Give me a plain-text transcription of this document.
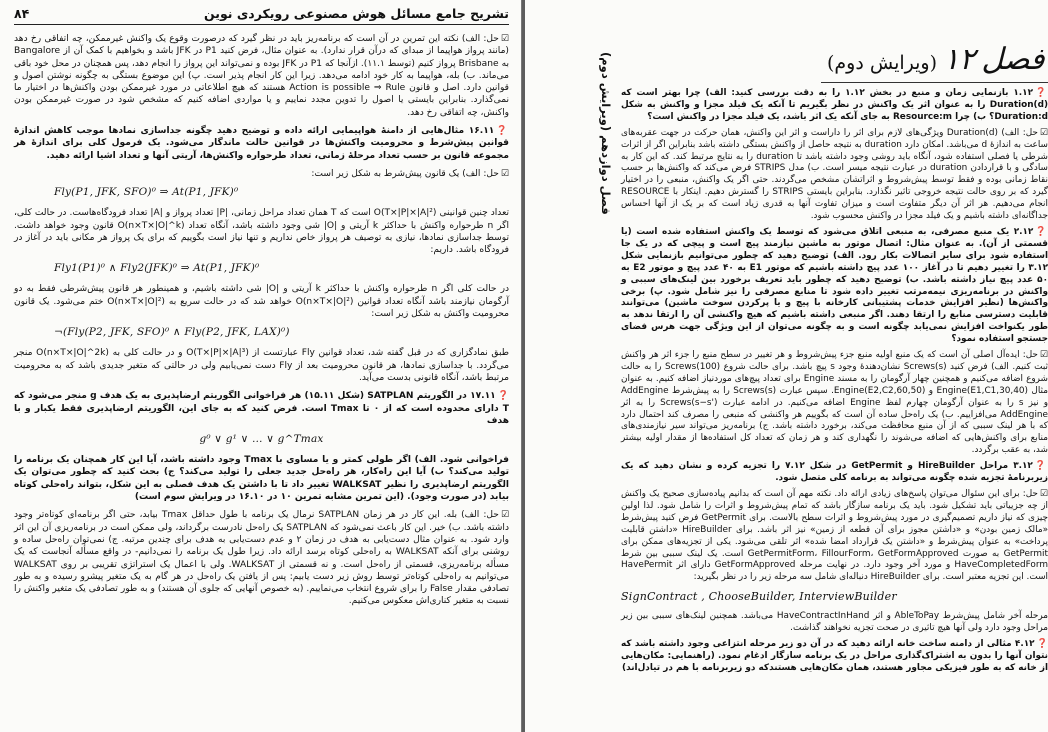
تشریح جامع مسائل هوش مصنوعی رویکردی نوین
۸۴

☑حل: الف) نکته این تمرین در آن است که برنامه‌ریز باید در نظر گیرد که درصورت وقوع یک واکنش غیرممکن، چه اتفاقی رخ دهد (مانند پرواز هواپیما از مبدای که درآن قرار ندارد). به عنوان مثال، فرض کنید P1 در JFK باشد و بخواهیم با کمک آن از Bangalore به Brisbane پرواز کنیم (توسط ۱۱.۱). ازآنجا که P1 در JFK بوده و نمی‌تواند این پرواز را انجام دهد، پس همچنان در محل خود باقی می‌ماند. ب) بله، هواپیما به کار خود ادامه می‌دهد. زیرا این کار انجام پذیر است. پ) این موضوع بستگی به چگونه نوشتن اصول و قوانین دارد. اصل و قانون Action is possible ⇒ Rule هستند که هیچ اطلاعاتی در مورد غیرممکن بودن واکنش‌ها در اختیار ما نمی‌گذارد. بنابراین بایستی یا اصول را تدوین مجدد نماییم و یا مواردی اضافه کنیم که مشخص شود در صورت غیرممکن بودن واکنش، چه اتفاقی رخ دهد.

❓۱۶.۱۱ مثال‌هایی از دامنهٔ هواپیمایی ارائه داده و توضیح دهید چگونه جداسازی نمادها موجب کاهش اندازهٔ قوانین پیش‌شرط و محرومیت واکنش‌ها در قوانین حالت ماندگار می‌شود. یک فرمول کلی برای اندازهٔ هر مجموعه قانون بر حسب تعداد مرحلهٔ زمانی، تعداد طرحواره واکنش‌ها، آریتی آنها و تعداد اشیا ارائه دهید.

☑حل: الف) یک قانون پیش‌شرط به شکل زیر است:

Fly(P1, JFK, SFO)⁰ ⇒ At(P1, JFK)⁰

تعداد چنین قوانینی O(T×|P|×|A|²) است که T همان تعداد مراحل زمانی، |P| تعداد پرواز و |A| تعداد فرودگاه‌هاست. در حالت کلی، اگر n طرحواره واکنش با حداکثر k آریتی و |O| شی وجود داشته باشد، آنگاه تعداد O(n×T×|O|^k) قانون وجود خواهد داشت. توسط جداسازی نمادها، نیازی به توصیف هر پرواز خاص نداریم و تنها نیاز است بگوییم که برای یک پرواز هر مکانی باید در آغاز در فرودگاه باشد. داریم:

Fly1(P1)⁰ ∧ Fly2(JFK)⁰ ⇒ At(P1, JFK)⁰

در حالت کلی اگر n طرحواره واکنش با حداکثر k آریتی و |O| شی داشته باشیم، و همینطور هر قانون پیش‌شرطی فقط به دو آرگومان نیازمند باشد آنگاه تعداد قوانین O(n×T×|O|²) خواهد شد که در حالت سریع به O(n×T×|O|²) ختم می‌شود. یک قانون محرومیت واکنش به شکل زیر است:

¬(Fly(P2, JFK, SFO)⁰ ∧ Fly(P2, JFK, LAX)⁰)

طبق نمادگزاری که در قبل گفته شد، تعداد قوانین Fly عبارتست از O(T×|P|×|A|³) و در حالت کلی به O(n×T×|O|^2k) منجر می‌گردد. با جداسازی نمادها، هر قانون محرومیت بعد از Fly دست نمی‌یابیم ولی در حالتی که متغیر جدیدی باشد که به محرومیت مرتبط باشد، آنگاه قانونی بدست می‌آید.

❓۱۷.۱۱ در الگوریتم SATPLAN (شکل ۱۵.۱۱) هر فراخوانی الگوریتم ارضاپذیری به یک هدف g منجر می‌شود که T دارای محدوده است که از ۰ تا Tmax است. فرض کنید که به جای این، الگوریتم ارضاپذیری فقط یکبار و با هدف

g⁰ ∨ g¹ ∨ … ∨ g^Tmax

فراخوانی شود. الف) اگر طولی کمتر و یا مساوی با Tmax وجود داشته باشد، آیا این کار همچنان یک برنامه را تولید می‌کند؟ ب) آیا این راه‌کار، هر راه‌حل جدید جعلی را تولید می‌کند؟ ج) بحث کنید که چطور می‌توان یک الگوریتم ارضاپذیری را نظیر WALKSAT تغییر داد تا با داشتن یک هدف فصلی به این شکل، بتواند راه‌حلی کوتاه بیابد (در صورت وجود). (این تمرین مشابه تمرین ۱۰ در ۱۶.۱۰ در ویرایش سوم است)

☑حل: الف) بله. این کار در هر زمان SATPLAN نرمال یک برنامه با طول حداقل Tmax بیابد، حتی اگر برنامه‌ای کوتاه‌تر وجود داشته باشد. ب) خیر. این کار باعث نمی‌شود که SATPLAN یک راه‌حل نادرست برگرداند، ولی ممکن است در برنامه‌ریزی آن این اثر وارد شود. به عنوان مثال دست‌یابی به هدف در زمان ۲ و عدم دست‌یابی به هدف برای چندین مرتبه. ج) نمی‌توان راه‌حل ساده و روشنی برای آنکه WALKSAT به راه‌حلی کوتاه برسد ارائه داد. زیرا طول یک برنامه را نمی‌دانیم- در واقع مسأله آنجاست که یک مسأله برنامه‌ریزی، قسمتی از راه‌حل است. و نه قسمتی از WALKSAT. ولی با اعمال یک استراتژی تقریبی بر روی WALKSAT می‌توانیم به راه‌حلی کوتاه‌تر توسط روش زیر دست یابیم: پس از یافتن یک راه‌حل در هر گام به یک متغیر پیشرو رسیده و به طور تصادفی مقدار False را برای شروع انتخاب می‌نماییم. (به خصوص آنهایی که جلوی آن هستند) و به طور تصادفی یک متغیر واکنش را نسبت به متغیر کناری‌اش معکوس می‌کنیم.

فصل ۱۲ (ویرایش دوم)
فصل دوازدهم (ویرایش دوم)	❓۱.۱۲ بازنمایی زمان و منبع در بخش ۱.۱۲ را به دقت بررسی کنید: الف) چرا بهتر است که Duration(d) را به عنوان اثر یک واکنش در نظر بگیریم تا آنکه یک فیلد مجزا و واکنش به شکل Duration:d؟ ب) چرا Resource:m به جای آنکه یک اثر باشد، یک فیلد مجزا در واکنش است؟

☑حل: الف) Duration(d) ویژگی‌های لازم برای اثر را داراست و اثر این واکنش، همان حرکت در جهت عقربه‌های ساعت به اندازهٔ d می‌باشد. امکان دارد duration به نتیجه حاصل از واکنش بستگی داشته باشد بنابراین اگر از اثرات شرطی یا فصلی استفاده شود، آنگاه باید روشی وجود داشته باشد تا duration را به نتایج مرتبط کند. که این کار به سادگی و با قراردادن duration در عبارت نتیجه میسر است. ب) مدل STRIPS فرض می‌کند که واکنش‌ها بر حسب نقاط زمانی بوده و فقط توسط پیش‌شروط و اثراتشان مشخص می‌گردند. حتی اگر یک واکنش، منبعی را در اختیار گیرد که بر روی حالت نتیجه خروجی تاثیر نگذارد. بنابراین بایستی STRIPS را گسترش دهیم. اینکار با RESOURCE انجام می‌دهیم. هر اثر آن دیگر متفاوت است و میزان تفاوت آنها به قدری زیاد است که بر یک از آنها احساس جداگانه‌ای داشته باشیم و یک فیلد مجزا در واکنش محسوب شود.

❓۲.۱۲ یک منبع مصرفی، به منبعی اتلاق می‌شود که توسط یک واکنش استفاده شده است (یا قسمتی از آن). به عنوان مثال: اتصال موتور به ماشین نیازمند پیچ است و پیچی که در یک جا استفاده شود برای سایر اتصالات بکار رود. الف) توضیح دهید که چطور می‌توانیم بازنمایی شکل ۳.۱۲ را تغییر دهیم تا در آغاز ۱۰۰ عدد پیچ داشته باشیم که موتور E1 به ۴۰ عدد پیچ و موتور E2 به ۵۰ عدد پیچ نیاز داشته باشد. ب) توضیح دهید که چطور باید تعریف برخورد بین لینک‌های سببی و واکنش در برنامه‌ریزی نیمه‌مرتب تغییر داده شود تا منابع مصرفی را نیز شامل شود. پ) برخی واکنش‌ها (نظیر افزایش خدمات پشتیبانی کارخانه با پیچ و یا پرکردن سوخت ماشین) می‌توانند قابلیت دسترسی منابع را ارتقا دهند. اگر منبعی داشته باشیم که هیچ واکنشی آن را ارتقا ندهد به طور یکنواخت افزایش نمی‌یابد چگونه است و به چگونه می‌توان از این ویژگی جهت هرس فضای جستجو استفاده نمود؟

☑حل: ایده‌آل اصلی آن است که یک منبع اولیه منبع جزء پیش‌شروط و هر تغییر در سطح منبع را جزء اثر هر واکنش ثبت کنیم. الف) فرض کنید Screws(s) نشان‌دهندهٔ وجود s پیچ باشد. برای حالت شروع Screws(100) را به حالت شروع اضافه می‌کنیم و همچنین چهار آرگومان را به مسند Engine برای تعداد پیچ‌های موردنیاز اضافه کنیم. به عنوان مثال Engine(E1,C1,30,40) و Engine(E2,C2,60,50). سپس عبارت Screws(s) را به پیش‌شرط AddEngine و نیز s را به عنوان آرگومان چهارم لفظ Engine اضافه می‌کنیم. در ادامه عبارت Screws(s−s') را به اثر AddEngine می‌افزاییم. ب) یک راه‌حل ساده آن است که بگوییم هر واکنشی که منبعی را مصرف کند احتمال دارد که با هر لینک سببی که از آن منبع محافظت می‌کند، برخورد داشته باشد. ج) برنامه‌ریز می‌تواند سیر نیازمندی‌های منابع برای واکنش‌هایی که اضافه می‌شوند را نگهداری کند و هر زمان که تعداد کل استفاده‌ها از مقدار اولیه بیشتر شد، به عقب برگردد.

❓۳.۱۲ مراحل HireBuilder و GetPermit در شکل ۷.۱۲ را تجزیه کرده و نشان دهید که یک زیربرنامهٔ تجزیه شده چگونه می‌تواند به برنامه کلی متصل شود.

☑حل: برای این سئوال می‌توان پاسخ‌های زیادی ارائه داد. نکته مهم آن است که بدانیم پیاده‌سازی صحیح یک واکنش از چه جزییاتی باید تشکیل شود. باید یک برنامه سازگار باشد که تمام پیش‌شروط و اثرات را شامل شود. لذا اولین چیزی که نیاز داریم تصمیم‌گیری در مورد پیش‌شروط و اثرات سطح بالاست. برای GetPermit فرض کنید پیش‌شرط «مالک زمین بودن» و «داشتن مجوز برای آن قطعه از زمین» نیز اثر باشد. برای HireBuilder «داشتن قابلیت پرداخت» به عنوان پیش‌شرط و «داشتن یک قرارداد امضا شده» اثر تلقی می‌شود. یکی از تجزیه‌های ممکن برای GetPermit به صورت GetPermitForm، FillourForm، GetFormApproved است. یک لینک سببی بین شرط HaveCompletedForm و مورد آخر وجود دارد. در نهایت مرحله GetFormApproved دارای اثر HavePermit است. این تجزیه معتبر است. برای HireBuilder دنباله‌ای شامل سه مرحله زیر را در نظر بگیرید:

SignContract , ChooseBuilder, InterviewBuilder

مرحله آخر شامل پیش‌شرط AbleToPay و اثر HaveContractInHand می‌باشد. همچنین لینک‌های سببی بین زیر مراحل وجود دارد ولی آنها هیچ تاثیری در صحت تجزیه نخواهند گذاشت.

❓۴.۱۲ مثالی از دامنه ساخت خانه ارائه دهید که در آن دو زیر مرحله انتزاعی وجود داشته باشد که نتوان آنها را بدون به اشتراک‌گذاری مراحل در یک برنامه سازگار ادغام نمود. (راهنمایی: مکان‌هایی از خانه که به طور فیزیکی مجاور هستند، همان مکان‌هایی هستندکه دو زیربرنامه با هم در تیادل‌اند)
